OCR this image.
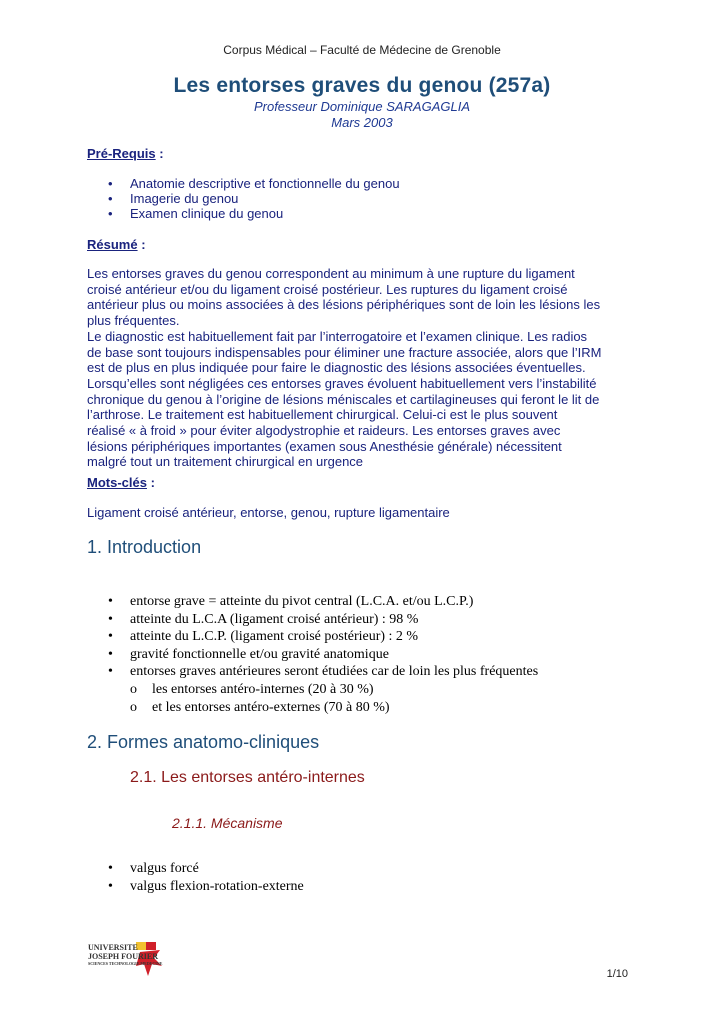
Corpus Médical – Faculté de Médecine de Grenoble
Les entorses graves du genou (257a)
Professeur Dominique SARAGAGLIA
Mars 2003
Pré-Requis :
• Anatomie descriptive et fonctionnelle du genou
• Imagerie du genou
• Examen clinique du genou
Résumé :
Les entorses graves du genou correspondent au minimum à une rupture du ligament
croisé antérieur et/ou du ligament croisé postérieur. Les ruptures du ligament croisé
antérieur plus ou moins associées à des lésions périphériques sont de loin les lésions les
plus fréquentes.
Le diagnostic est habituellement fait par l’interrogatoire et l’examen clinique. Les radios
de base sont toujours indispensables pour éliminer une fracture associée, alors que l’IRM
est de plus en plus indiquée pour faire le diagnostic des lésions associées éventuelles.
Lorsqu’elles sont négligées ces entorses graves évoluent habituellement vers l’instabilité
chronique du genou à l’origine de lésions méniscales et cartilagineuses qui feront le lit de
l’arthrose. Le traitement est habituellement chirurgical. Celui-ci est le plus souvent
réalisé « à froid » pour éviter algodystrophie et raideurs. Les entorses graves avec
lésions périphériques importantes (examen sous Anesthésie générale) nécessitent
malgré tout un traitement chirurgical en urgence
Mots-clés :
Ligament croisé antérieur, entorse, genou, rupture ligamentaire
1. Introduction
• entorse grave = atteinte du pivot central (L.C.A. et/ou L.C.P.)
• atteinte du L.C.A (ligament croisé antérieur) : 98 %
• atteinte du L.C.P. (ligament croisé postérieur) : 2 %
• gravité fonctionnelle et/ou gravité anatomique
• entorses graves antérieures seront étudiées car de loin les plus fréquentes
o les entorses antéro-internes (20 à 30 %)
o et les entorses antéro-externes (70 à 80 %)
2. Formes anatomo-cliniques
2.1. Les entorses antéro-internes
2.1.1. Mécanisme
• valgus forcé
• valgus flexion-rotation-externe
UNIVERSITE
JOSEPH FOURIER
SCIENCES TECHNOLOGIE MEDECINE
1/10
